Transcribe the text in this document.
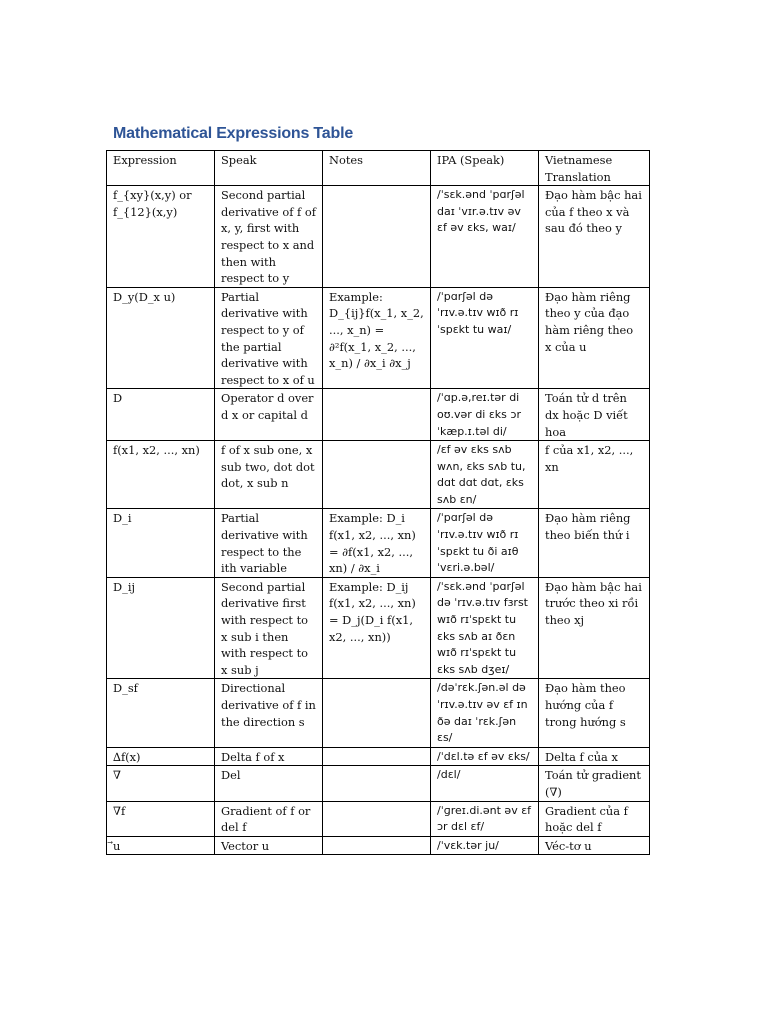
Mathematical Expressions Table
Expression	Speak	Notes	IPA (Speak)	Vietnamese Translation
f_{xy}(x,y) or f_{12}(x,y)	Second partial derivative of f of x, y, first with respect to x and then with respect to y		/ˈsɛk.ənd ˈpɑrʃəl daɪ ˈvɪr.ə.tɪv əv ɛf əv ɛks, waɪ/	Đạo hàm bậc hai của f theo x và sau đó theo y
D_y(D_x u)	Partial derivative with respect to y of the partial derivative with respect to x of u	Example: D_{ij}f(x_1, x_2, ..., x_n) = ∂²f(x_1, x_2, ..., x_n) / ∂x_i ∂x_j	/ˈpɑrʃəl də ˈrɪv.ə.tɪv wɪð rɪ ˈspɛkt tu waɪ/	Đạo hàm riêng theo y của đạo hàm riêng theo x của u
D	Operator d over d x or capital d		/ˈɑp.ə,reɪ.tər di oʊ.vər di ɛks ɔr ˈkæp.ɪ.təl di/	Toán tử d trên dx hoặc D viết hoa
f(x1, x2, ..., xn)	f of x sub one, x sub two, dot dot dot, x sub n		/ɛf əv ɛks sʌb wʌn, ɛks sʌb tu, dɑt dɑt dɑt, ɛks sʌb ɛn/	f của x1, x2, ..., xn
D_i	Partial derivative with respect to the ith variable	Example: D_i f(x1, x2, ..., xn) = ∂f(x1, x2, ..., xn) / ∂x_i	/ˈpɑrʃəl də ˈrɪv.ə.tɪv wɪð rɪ ˈspɛkt tu ði aɪθ ˈvɛri.ə.bəl/	Đạo hàm riêng theo biến thứ i
D_ij	Second partial derivative first with respect to x sub i then with respect to x sub j	Example: D_ij f(x1, x2, ..., xn) = D_j(D_i f(x1, x2, ..., xn))	/ˈsɛk.ənd ˈpɑrʃəl də ˈrɪv.ə.tɪv fɜrst wɪð rɪˈspɛkt tu ɛks sʌb aɪ ðɛn wɪð rɪˈspɛkt tu ɛks sʌb dʒeɪ/	Đạo hàm bậc hai trước theo xi rồi theo xj
D_sf	Directional derivative of f in the direction s		/dəˈrɛk.ʃən.əl dəˈrɪv.ə.tɪv əv ɛf ɪn ðə daɪ ˈrɛk.ʃən ɛs/	Đạo hàm theo hướng của f trong hướng s
∆f(x)	Delta f of x		/ˈdɛl.tə ɛf əv ɛks/	Delta f của x
∇	Del		/dɛl/	Toán tử gradient (∇)
∇f	Gradient of f or del f		/ˈɡreɪ.di.ənt əv ɛf ɔr dɛl ɛf/	Gradient của f hoặc del f
⃗u	Vector u		/ˈvɛk.tər ju/	Véc-tơ u
